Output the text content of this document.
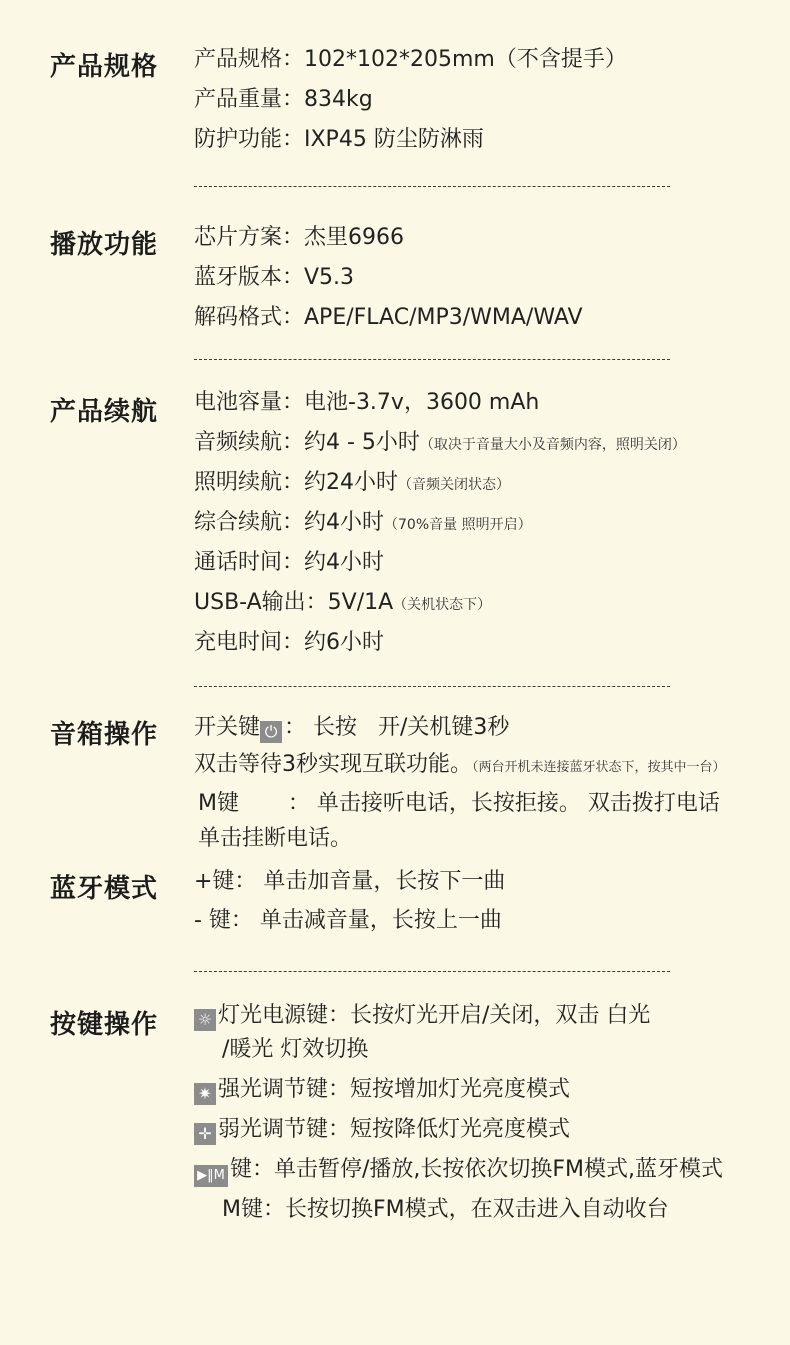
产品规格 产品规格：102*102*205mm（不含提手）
产品重量：834kg
防护功能：IXP45 防尘防淋雨
播放功能 芯片方案：杰里6966
蓝牙版本：V5.3
解码格式：APE/FLAC/MP3/WMA/WAV
产品续航 电池容量：电池-3.7v，3600 mAh
音频续航：约4 - 5小时（取决于音量大小及音频内容，照明关闭）
照明续航：约24小时（音频关闭状态）
综合续航：约4小时（70%音量 照明开启）
通话时间：约4小时
USB-A输出：5V/1A（关机状态下）
充电时间：约6小时
音箱操作 开关键 ⏻ ： 长按   开/关机键3秒
双击等待3秒实现互联功能。（两台开机未连接蓝牙状态下，按其中一台）
M键       ： 单击接听电话，长按拒接。 双击拨打电话
单击挂断电话。
蓝牙模式 +键： 单击加音量，长按下一曲
- 键： 单击减音量，长按上一曲
按键操作 ☼ 灯光电源键：长按灯光开启/关闭，双击 白光
/暖光 灯效切换
✷ 强光调节键：短按增加灯光亮度模式
✛ 弱光调节键：短按降低灯光亮度模式
▶‖M 键：单击暂停/播放,长按依次切换FM模式,蓝牙模式
M键：长按切换FM模式，在双击进入自动收台
